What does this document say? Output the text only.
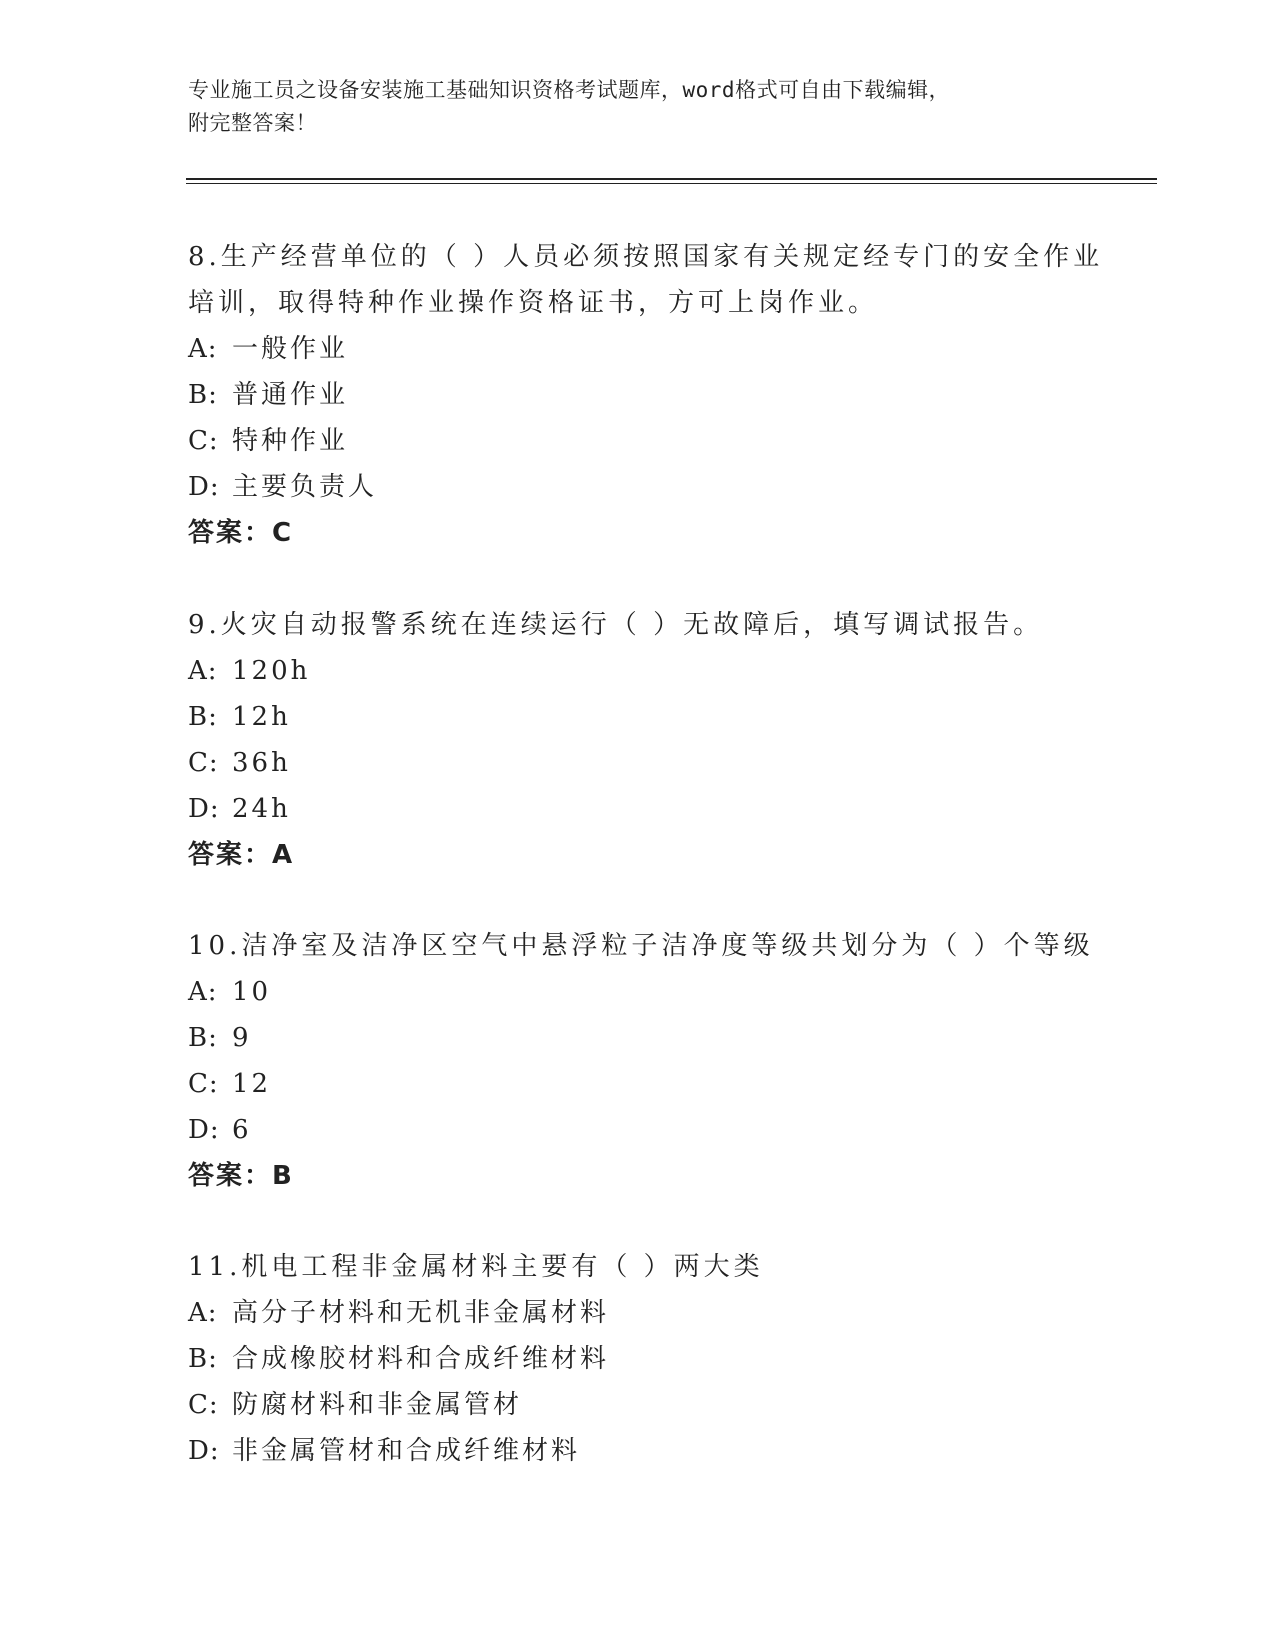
专业施工员之设备安装施工基础知识资格考试题库，word格式可自由下载编辑，
附完整答案！
8.生产经营单位的（ ）人员必须按照国家有关规定经专门的安全作业
培训，取得特种作业操作资格证书，方可上岗作业。
A: 一般作业
B: 普通作业
C: 特种作业
D: 主要负责人
答案：C
9.火灾自动报警系统在连续运行（ ）无故障后，填写调试报告。
A: 120h
B: 12h
C: 36h
D: 24h
答案：A
10.洁净室及洁净区空气中悬浮粒子洁净度等级共划分为（ ）个等级
A: 10
B: 9
C: 12
D: 6
答案：B
11.机电工程非金属材料主要有（ ）两大类
A: 高分子材料和无机非金属材料
B: 合成橡胶材料和合成纤维材料
C: 防腐材料和非金属管材
D: 非金属管材和合成纤维材料
